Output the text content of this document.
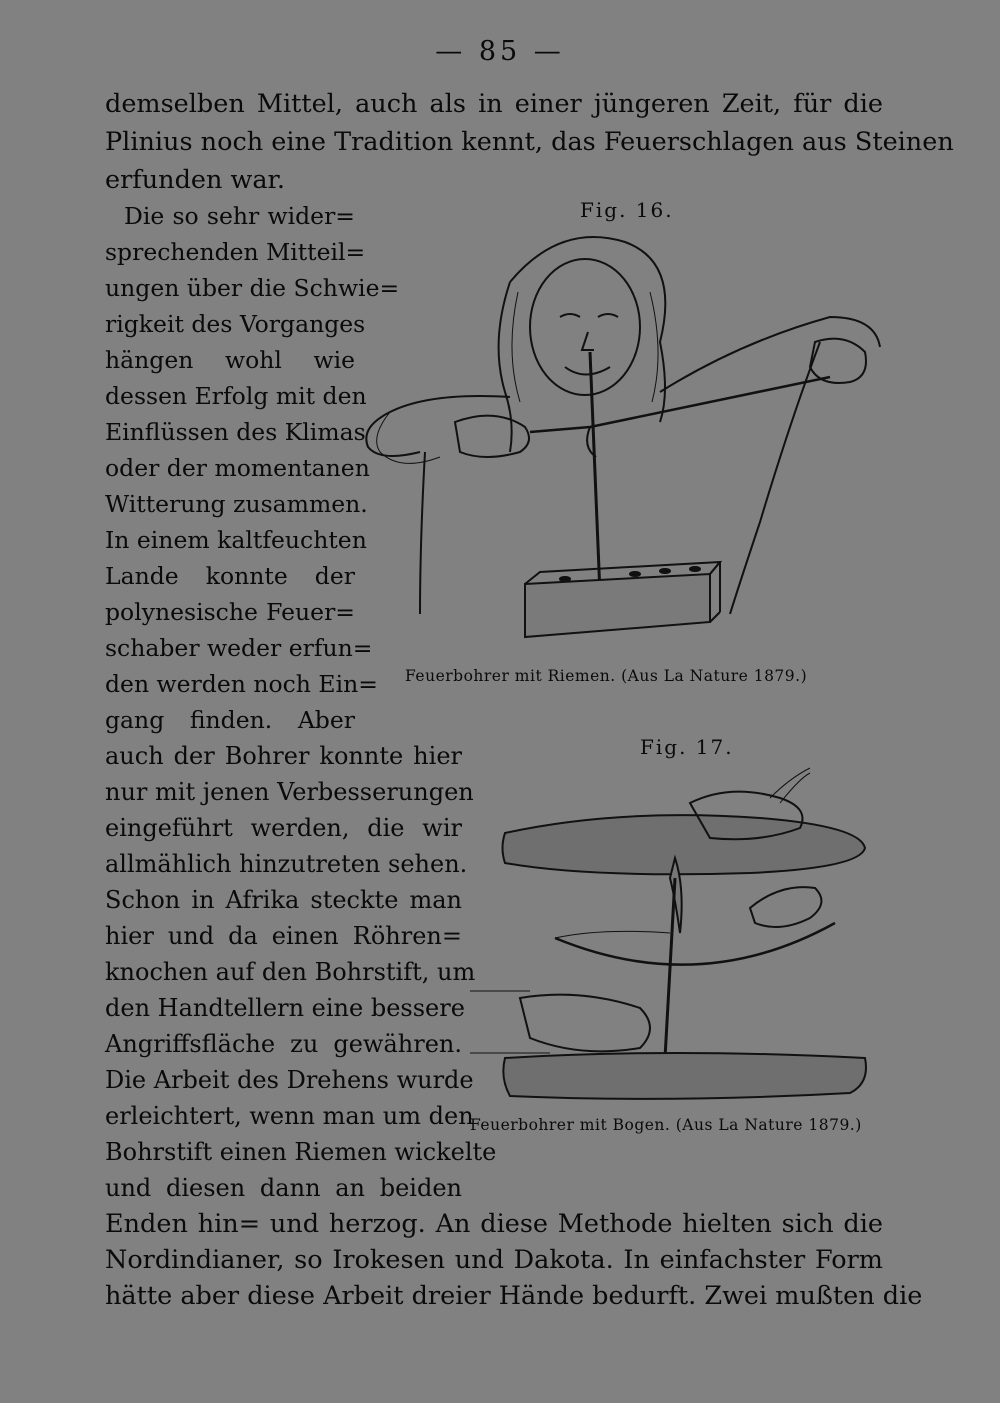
— 85 —
demselben Mittel, auch als in einer jüngeren Zeit, für die
Plinius noch eine Tradition kennt, das Feuerschlagen aus Steinen
erfunden war.
Die so sehr wider=
sprechenden Mitteil=
ungen über die Schwie=
rigkeit des Vorganges
hängen wohl wie
dessen Erfolg mit den
Einflüssen des Klimas
oder der momentanen
Witterung zusammen.
In einem kaltfeuchten
Lande konnte der
polynesische Feuer=
schaber weder erfun=
den werden noch Ein=
gang finden. Aber
auch der Bohrer konnte hier
nur mit jenen Verbesserungen
eingeführt werden, die wir
allmählich hinzutreten sehen.
Schon in Afrika steckte man
hier und da einen Röhren=
knochen auf den Bohrstift, um
den Handtellern eine bessere
Angriffsfläche zu gewähren.
Die Arbeit des Drehens wurde
erleichtert, wenn man um den
Bohrstift einen Riemen wickelte
und diesen dann an beiden
Enden hin= und herzog. An diese Methode hielten sich die
Nordindianer, so Irokesen und Dakota. In einfachster Form
hätte aber diese Arbeit dreier Hände bedurft. Zwei mußten die
Fig. 16.
Feuerbohrer mit Riemen. (Aus La Nature 1879.)
Fig. 17.
Feuerbohrer mit Bogen. (Aus La Nature 1879.)
